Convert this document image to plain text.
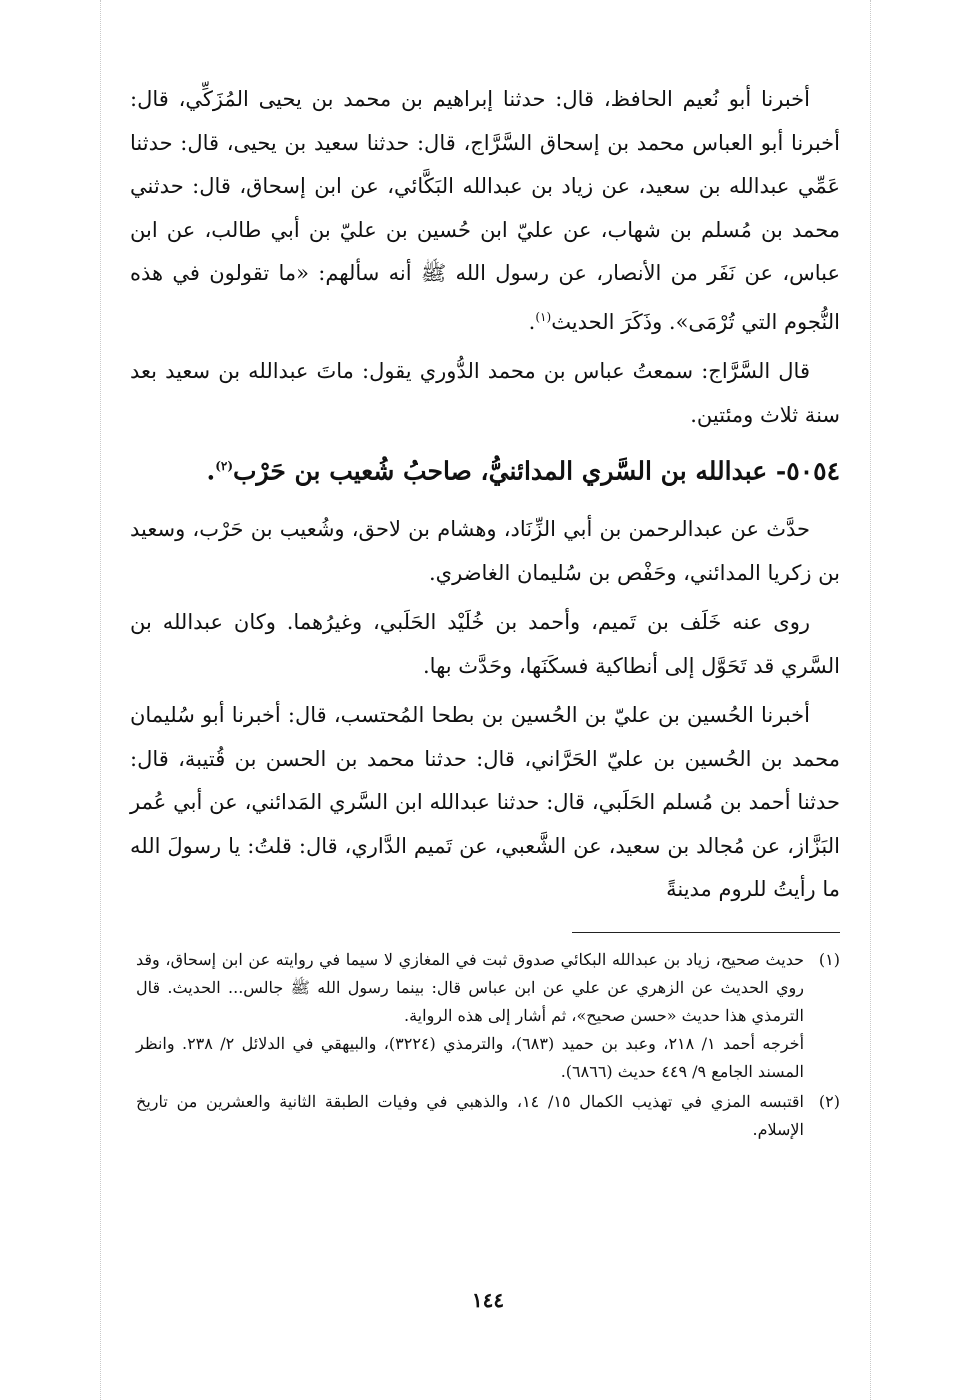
أخبرنا أبو نُعيم الحافظ، قال: حدثنا إبراهيم بن محمد بن يحيى المُزَكِّي، قال: أخبرنا أبو العباس محمد بن إسحاق السَّرَّاج، قال: حدثنا سعيد بن يحيى، قال: حدثنا عَمِّي عبدالله بن سعيد، عن زياد بن عبدالله البَكَّائي، عن ابن إسحاق، قال: حدثني محمد بن مُسلم بن شهاب، عن عليّ ابن حُسين بن عليّ بن أبي طالب، عن ابن عباس، عن نَفَر من الأنصار، عن رسول الله ﷺ أنه سألهم: «ما تقولون في هذه النُّجوم التي تُرْمَى». وذَكَرَ الحديث$^{(١)}$.

قال السَّرَّاج: سمعتُ عباس بن محمد الدُّوري يقول: ماتَ عبدالله بن سعيد بعد سنة ثلاث ومئتين.

٥٠٥٤- عبدالله بن السَّري المدائنيُّ، صاحبُ شُعيب بن حَرْب$^{(٢)}$.

حدَّث عن عبدالرحمن بن أبي الزِّنَاد، وهشام بن لاحق، وشُعيب بن حَرْب، وسعيد بن زكريا المدائني، وحَفْص بن سُليمان الغاضري.

روى عنه خَلَف بن تَميم، وأحمد بن خُلَيْد الحَلَبي، وغيرُهما. وكان عبدالله بن السَّري قد تَحَوَّل إلى أنطاكية فسكَنَها، وحَدَّث بها.

أخبرنا الحُسين بن عليّ بن الحُسين بن بطحا المُحتسب، قال: أخبرنا أبو سُليمان محمد بن الحُسين بن عليّ الحَرَّاني، قال: حدثنا محمد بن الحسن بن قُتيبة، قال: حدثنا أحمد بن مُسلم الحَلَبي، قال: حدثنا عبدالله ابن السَّري المَدائني، عن أبي عُمر البَزَّاز، عن مُجالد بن سعيد، عن الشَّعبي، عن تَميم الدَّاري، قال: قلتُ: يا رسولَ الله ما رأيتُ للروم مدينةً

(١)

حديث صحيح، زياد بن عبدالله البكائي صدوق ثبت في المغازي لا سيما في روايته عن ابن إسحاق، وقد روي الحديث عن الزهري عن علي عن ابن عباس قال: بينما رسول الله ﷺ جالس... الحديث. قال الترمذي هذا حديث «حسن صحيح»، ثم أشار إلى هذه الرواية.

أخرجه أحمد ١/ ٢١٨، وعبد بن حميد (٦٨٣)، والترمذي (٣٢٢٤)، والبيهقي في الدلائل ٢/ ٢٣٨. وانظر المسند الجامع ٩/ ٤٤٩ حديث (٦٨٦٦).

(٢)

اقتبسه المزي في تهذيب الكمال ١٥/ ١٤، والذهبي في وفيات الطبقة الثانية والعشرين من تاريخ الإسلام.

١٤٤
